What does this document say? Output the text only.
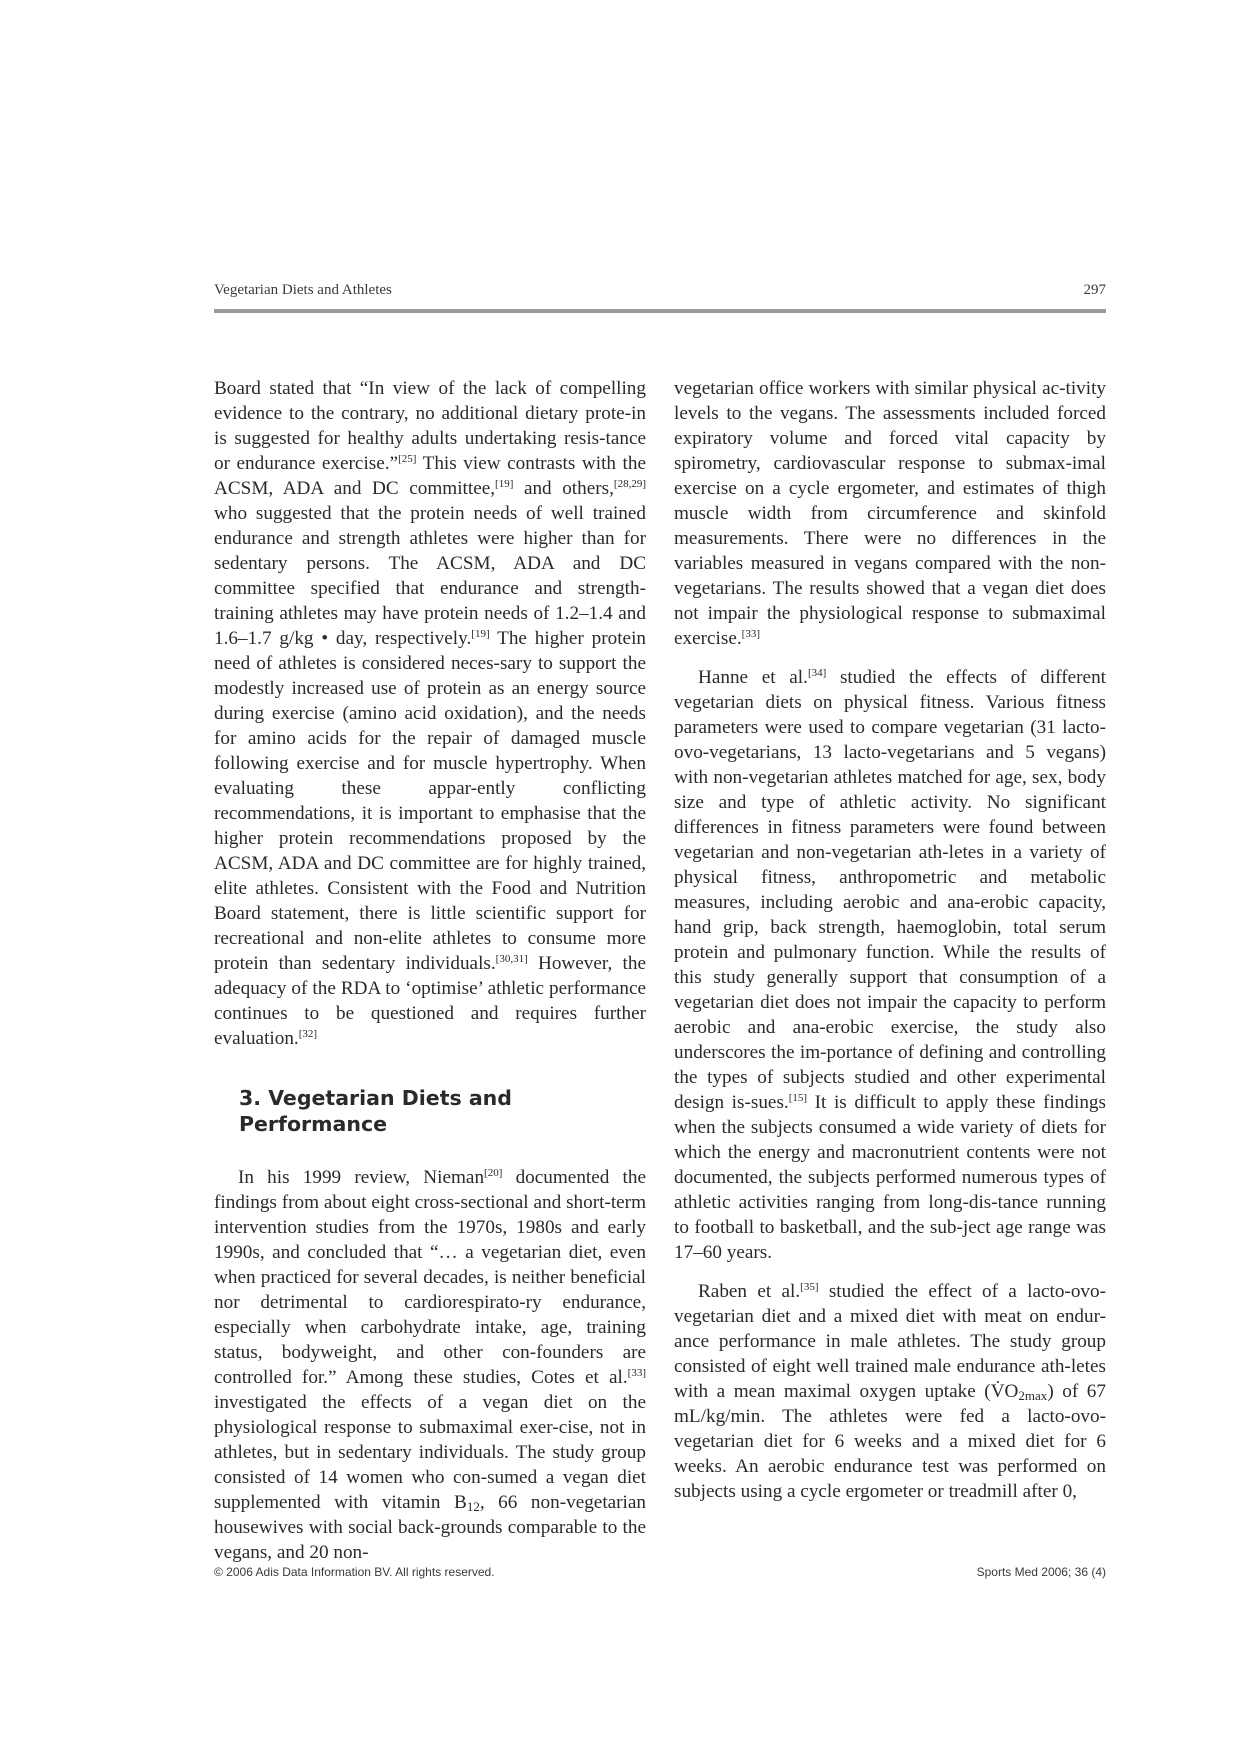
Vegetarian Diets and Athletes	297

Board stated that “In view of the lack of compelling evidence to the contrary, no additional dietary prote-in is suggested for healthy adults undertaking resis-tance or endurance exercise.”[25] This view contrasts with the ACSM, ADA and DC committee,[19] and others,[28,29] who suggested that the protein needs of well trained endurance and strength athletes were higher than for sedentary persons. The ACSM, ADA and DC committee specified that endurance and strength-training athletes may have protein needs of 1.2–1.4 and 1.6–1.7 g/kg • day, respectively.[19] The higher protein need of athletes is considered neces-sary to support the modestly increased use of protein as an energy source during exercise (amino acid oxidation), and the needs for amino acids for the repair of damaged muscle following exercise and for muscle hypertrophy. When evaluating these appar-ently conflicting recommendations, it is important to emphasise that the higher protein recommendations proposed by the ACSM, ADA and DC committee are for highly trained, elite athletes. Consistent with the Food and Nutrition Board statement, there is little scientific support for recreational and non-elite athletes to consume more protein than sedentary individuals.[30,31] However, the adequacy of the RDA to ‘optimise’ athletic performance continues to be questioned and requires further evaluation.[32]

3. Vegetarian Diets and Performance

In his 1999 review, Nieman[20] documented the findings from about eight cross-sectional and short-term intervention studies from the 1970s, 1980s and early 1990s, and concluded that “… a vegetarian diet, even when practiced for several decades, is neither beneficial nor detrimental to cardiorespirato-ry endurance, especially when carbohydrate intake, age, training status, bodyweight, and other con-founders are controlled for.” Among these studies, Cotes et al.[33] investigated the effects of a vegan diet on the physiological response to submaximal exer-cise, not in athletes, but in sedentary individuals. The study group consisted of 14 women who con-sumed a vegan diet supplemented with vitamin $B_{12}$, 66 non-vegetarian housewives with social back-grounds comparable to the vegans, and 20 non-

vegetarian office workers with similar physical ac-tivity levels to the vegans. The assessments included forced expiratory volume and forced vital capacity by spirometry, cardiovascular response to submax-imal exercise on a cycle ergometer, and estimates of thigh muscle width from circumference and skinfold measurements. There were no differences in the variables measured in vegans compared with the non-vegetarians. The results showed that a vegan diet does not impair the physiological response to submaximal exercise.[33]

Hanne et al.[34] studied the effects of different vegetarian diets on physical fitness. Various fitness parameters were used to compare vegetarian (31 lacto-ovo-vegetarians, 13 lacto-vegetarians and 5 vegans) with non-vegetarian athletes matched for age, sex, body size and type of athletic activity. No significant differences in fitness parameters were found between vegetarian and non-vegetarian ath-letes in a variety of physical fitness, anthropometric and metabolic measures, including aerobic and ana-erobic capacity, hand grip, back strength, haemoglobin, total serum protein and pulmonary function. While the results of this study generally support that consumption of a vegetarian diet does not impair the capacity to perform aerobic and ana-erobic exercise, the study also underscores the im-portance of defining and controlling the types of subjects studied and other experimental design is-sues.[15] It is difficult to apply these findings when the subjects consumed a wide variety of diets for which the energy and macronutrient contents were not documented, the subjects performed numerous types of athletic activities ranging from long-dis-tance running to football to basketball, and the sub-ject age range was 17–60 years.

Raben et al.[35] studied the effect of a lacto-ovo-vegetarian diet and a mixed diet with meat on endur-ance performance in male athletes. The study group consisted of eight well trained male endurance ath-letes with a mean maximal oxygen uptake $(V̇O_{2max})$ of 67 mL/kg/min. The athletes were fed a lacto-ovo-vegetarian diet for 6 weeks and a mixed diet for 6 weeks. An aerobic endurance test was performed on subjects using a cycle ergometer or treadmill after 0,

© 2006 Adis Data Information BV. All rights reserved.	Sports Med 2006; 36 (4)
